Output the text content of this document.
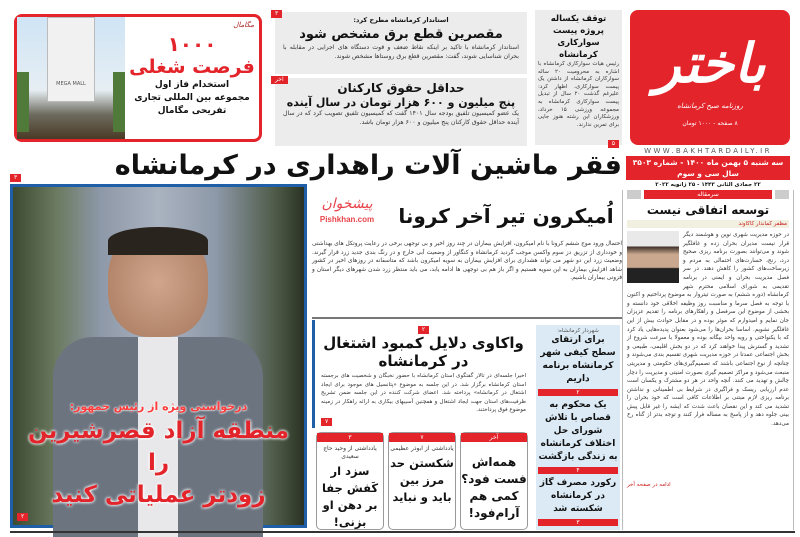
باختر
روزنامه صبح کرمانشاه
۸ صفحه - ۱۰۰۰ تومان
WWW.BAKHTARDAILY.IR
سه شنبه ۵ بهمن ماه ۱۴۰۰ - شماره ۳۵۰۳
سال سی و سوم
۲۲ جمادی الثانی ۱۴۴۳ - ۲۵ ژانویه ۲۰۲۲
سرمقاله
توسعه اتفاقی نیست
مظفر کماندار کاکاوند
در حوزه مدیریت شهری نوین و هوشمند دیگر قرار نیست مدیران بحران زده و غافلگیر شوند و می‌توانند بصورت برنامه ریزی صحیح درد، رنج، خسارت‌های احتمالی به مردم و زیرساخت‌های کشور را کاهش دهند. در سر فصل مدیریت بحران و ایمنی در برنامه تقدیمی به شورای اسلامی محترم شهر کرمانشاه (دوره ششم) به صورت تیتروار به موضوع پرداختیم و اکنون با توجه به فصل سرما و مناسبت روز وظیفه اخلاقی خود دانسته و بخشی از موضوع این سرفصل و راهکارهای برنامه را تقدیم عزیزان جان نمایم و امیدوارم که موثر بوده و در مقابل حوادث بیش از این غافلگیر نشویم. اساسا بحران‌ها را می‌شود بعنوان پدیده‌هایی یاد کرد که با یکنواختی و رویه واحد بیگانه بوده و معمولا با سرعت شروع از تشدید و گسترش پیدا خواهند کرد که در دو بخش اقلیمی، طبیعی و بخش اجتماعی عمدتا در حوزه مدیریت شهری تقسیم بندی می‌شوند و چنانچه از نوع اجتماعی باشند که تصمیم‌گیری‌های حکومتی و مدیریتی منبعث می‌شود و مراکز تصمیم گیری بصورت امنیتی و مدیریت را دچار چالش و تهدید می کنند. آنچه واحد در هر دو مشترک و یکسان است عدم ارزیابی ریسک و فراگیری در شرایط بی اطمینانی و نداشتن برنامه ریزی لازم مبتنی بر اطلاعات کافی است که خود بحران را تشدید می کند و این نقصان باعث شدت که ایشه را غیر قابل پیش بینی جلوه دهد و از پاسخ به مساله فرار کنند و توجه بدتر از گناه رخ می‌دهد.
ادامه در صفحه آخر
توقف یکساله پروژه پیست سوارکاری کرمانشاه
رئیس هیات سوارکاری کرمانشاه با اشاره به محرومیت ۲۰ ساله سوارکاران کرمانشاه از داشتن یک پیست سوارکاری، اظهار کرد: علیرغم گذشت ۲۰ سال از تبدیل پیست سوارکاری کرمانشاه به مجموعه ورزشی ۱۵ خرداد، ورزشکاران این رشته هنوز جایی برای تمرین ندارند.
۵
۳
استاندار کرمانشاه مطرح کرد:
مقصرین قطع برق مشخص شود
استاندار کرمانشاه با تاکید بر اینکه نقاط ضعف و قوت دستگاه های اجرایی در مقابله با بحران شناسایی شوند، گفت: مقصرین قطع برق روستاها مشخص شوند.
آخر
حداقل حقوق کارکنان
پنج میلیون و ۶۰۰ هزار تومان در سال آینده
یک عضو کمیسیون تلفیق بودجه سال ۱۴۰۱ گفت که کمیسیون تلفیق تصویب کرد که در سال آینده حداقل حقوق کارکنان پنج میلیون و ۶۰۰ هزار تومان باشد.
مگامال
۱۰۰۰
فرصت شغلی
استخدام فاز اول
مجموعه بین المللی تجاری
تفریحی مگامال
MEGA MALL
فقر ماشین آلات راهداری در کرمانشاه
۳
درخواستی ویژه از رئیس جمهور:
منطقه آزاد قصرشیرین را
زودتر عملیاتی کنید
۲
پیشخوان
Pishkhan.com	اُمیکرون تیر آخر کرونا
احتمال ورود موج ششم کرونا با نام امیکرون، افزایش بیماران در چند روز اخیر و بی توجهی برخی در رعایت پروتکل های بهداشتی و خودداری از تزریق دز سوم واکسن موجب گردید کرمانشاه و کنگاور از وضعیت آبی خارج و در رنگ بندی جدید زرد قرار گیرند. وضعیت زرد این دو شهر می تواند هشداری برای افزایش بیماران به سویه امیکرون باشد که متاسفانه در روزهای اخیر در کشور شاهد افزایش بیماران به این سویه هستیم و اگر باز هم بی توجهی ها ادامه یابد، می باید منتظر زرد شدن شهرهای دیگر استان و فزونی بیماران باشیم.
۲
واکاوی دلایل کمبود اشتغال
در کرمانشاه
اخیرا جلسه‌ای در تالار گفتگوی استان کرمانشاه با حضور نخبگان و شخصیت های برجسته استان کرمانشاه برگزار شد. در این جلسه به موضوع «پتانسیل های موجود برای ایجاد اشتغال در کرمانشاه» پرداخته شد. اعضای شرکت کننده در این جلسه ضمن تشریح ظرفیت‌های استان جهت ایجاد اشتغال و همچنین آسیبهای بیکاری به ارائه راهکار در زمینه موضوع فوق پرداختند.
۷
آخر
همه‌اش فست فود؟ کمی هم آرام‌فود!
۷
یادداشتی از ابوذر عظیمی
شکستن حد مرز بین باید و نباید
۳
یادداشتی از وحید حاج سعیدی
سزد ار کَفش جفا بر دهن او بزنی!
شهردار کرمانشاه:
برای ارتقای سطح کیفی شهر کرمانشاه برنامه داریم
۲
یک محکوم به قصاص با تلاش شورای حل اختلاف کرمانشاه به زندگی بازگشت
۴
رکورد مصرف گاز در کرمانشاه شکسته شد
۳
